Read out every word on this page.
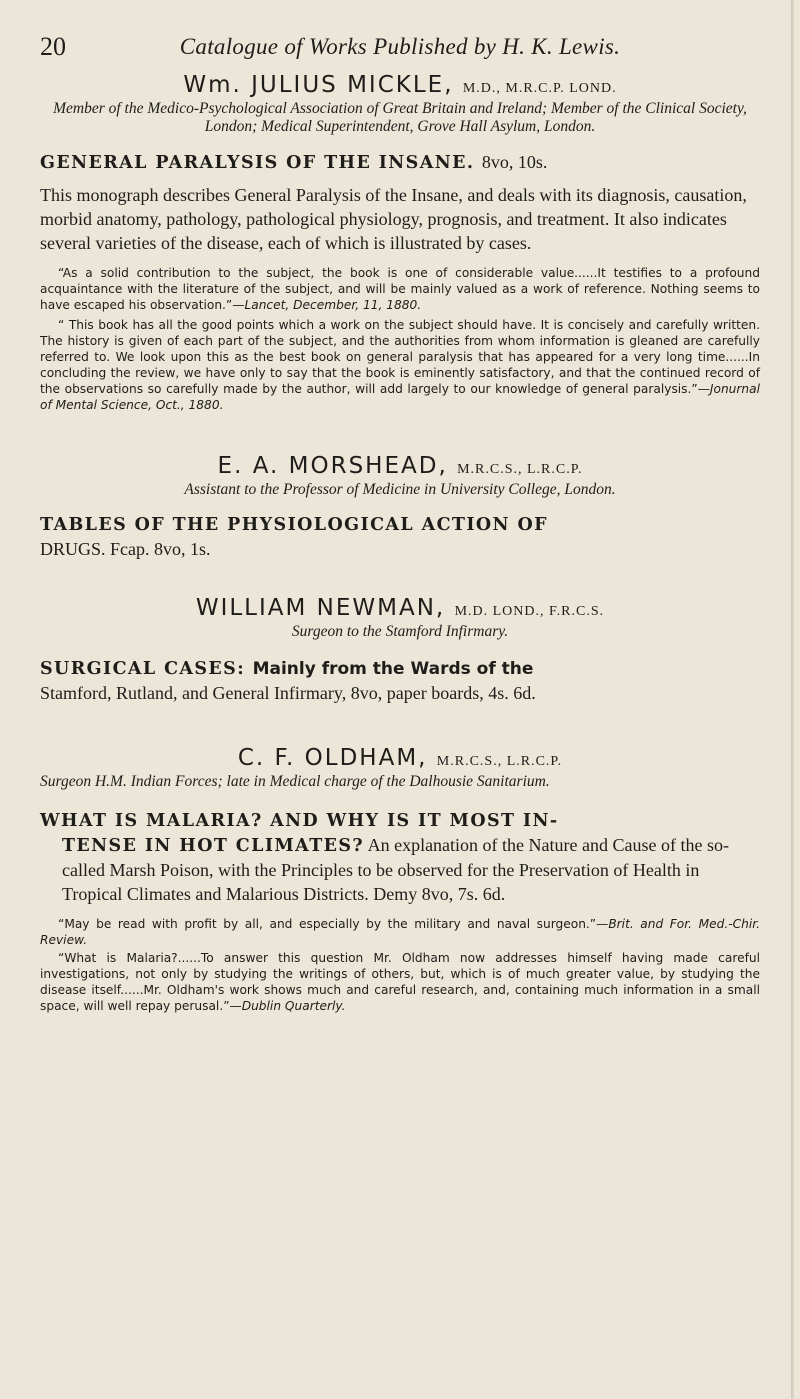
20	Catalogue of Works Published by H. K. Lewis.

Wm. JULIUS MICKLE, M.D., M.R.C.P. LOND.

Member of the Medico-Psychological Association of Great Britain and Ireland; Member of the Clinical Society, London; Medical Superintendent, Grove Hall Asylum, London.

GENERAL PARALYSIS OF THE INSANE. 8vo, 10s.

This monograph describes General Paralysis of the Insane, and deals with its diagnosis, causation, morbid anatomy, pathology, pathological physiology, prognosis, and treatment. It also indicates several varieties of the disease, each of which is illustrated by cases.

“As a solid contribution to the subject, the book is one of considerable value......It testifies to a profound acquaintance with the literature of the subject, and will be mainly valued as a work of reference. Nothing seems to have escaped his observation.”—Lancet, December, 11, 1880.

“ This book has all the good points which a work on the subject should have. It is concisely and carefully written. The history is given of each part of the subject, and the authorities from whom information is gleaned are carefully referred to. We look upon this as the best book on general paralysis that has appeared for a very long time......In concluding the review, we have only to say that the book is eminently satisfactory, and that the continued record of the observations so carefully made by the author, will add largely to our knowledge of general paralysis.”—Jonurnal of Mental Science, Oct., 1880.

E. A. MORSHEAD, M.R.C.S., L.R.C.P.

Assistant to the Professor of Medicine in University College, London.

TABLES OF THE PHYSIOLOGICAL ACTION OF

DRUGS. Fcap. 8vo, 1s.

WILLIAM NEWMAN, M.D. LOND., F.R.C.S.

Surgeon to the Stamford Infirmary.

SURGICAL CASES: Mainly from the Wards of the

Stamford, Rutland, and General Infirmary, 8vo, paper boards, 4s. 6d.

C. F. OLDHAM, M.R.C.S., L.R.C.P.

Surgeon H.M. Indian Forces; late in Medical charge of the Dalhousie Sanitarium.

WHAT IS MALARIA? AND WHY IS IT MOST IN-

TENSE IN HOT CLIMATES? An explanation of the Nature and Cause of the so-called Marsh Poison, with the Principles to be observed for the Preservation of Health in Tropical Climates and Malarious Districts. Demy 8vo, 7s. 6d.

“May be read with profit by all, and especially by the military and naval surgeon.”—Brit. and For. Med.-Chir. Review.

“What is Malaria?......To answer this question Mr. Oldham now addresses himself having made careful investigations, not only by studying the writings of others, but, which is of much greater value, by studying the disease itself......Mr. Oldham's work shows much and careful research, and, containing much information in a small space, will well repay perusal.”—Dublin Quarterly.
